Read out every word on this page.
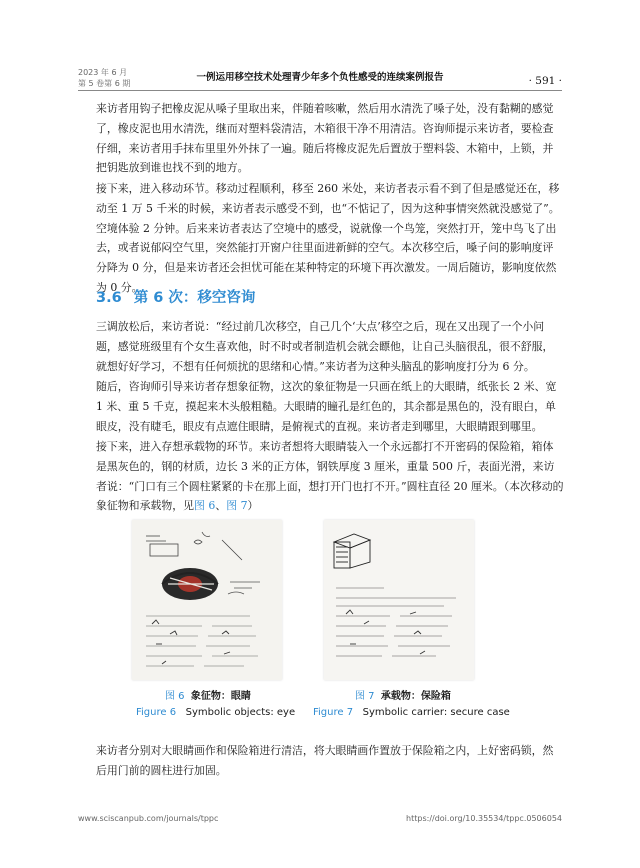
2023 年 6 月
第 5 卷第 6 期
一例运用移空技术处理青少年多个负性感受的连续案例报告	· 591 ·

来访者用钩子把橡皮泥从嗓子里取出来，伴随着咳嗽，然后用水清洗了嗓子处，没有黏糊的感觉了，橡皮泥也用水清洗，继而对塑料袋清洁，木箱很干净不用清洁。咨询师提示来访者，要检查仔细，来访者用手抹布里里外外抹了一遍。随后将橡皮泥先后置放于塑料袋、木箱中，上锁，并把钥匙放到谁也找不到的地方。

接下来，进入移动环节。移动过程顺利，移至 260 米处，来访者表示看不到了但是感觉还在，移动至 1 万 5 千米的时候，来访者表示感受不到，也“不惦记了，因为这种事情突然就没感觉了”。空境体验 2 分钟。后来来访者表达了空境中的感受，说就像一个鸟笼，突然打开，笼中鸟飞了出去，或者说郁闷空气里，突然能打开窗户往里面进新鲜的空气。本次移空后，嗓子问的影响度评分降为 0 分，但是来访者还会担忧可能在某种特定的环境下再次激发。一周后随访，影响度依然为 0 分。

3.6 第 6 次：移空咨询

三调放松后，来访者说：“经过前几次移空，自己几个‘大点’移空之后，现在又出现了一个小问题，感觉班级里有个女生喜欢他，时不时或者制造机会就会瞟他，让自己头脑很乱，很不舒服，就想好好学习，不想有任何烦扰的思绪和心情。”来访者为这种头脑乱的影响度打分为 6 分。

随后，咨询师引导来访者存想象征物，这次的象征物是一只画在纸上的大眼睛，纸张长 2 米、宽 1 米、重 5 千克，摸起来木头般粗糙。大眼睛的瞳孔是红色的，其余都是黑色的，没有眼白，单眼皮，没有睫毛，眼皮有点遮住眼睛，是俯视式的直视。来访者走到哪里，大眼睛跟到哪里。

接下来，进入存想承载物的环节。来访者想将大眼睛装入一个永远都打不开密码的保险箱，箱体是黑灰色的，钢的材质，边长 3 米的正方体，钢铁厚度 3 厘米，重量 500 斤，表面光滑，来访者说：“门口有三个圆柱紧紧的卡在那上面，想打开门也打不开。”圆柱直径 20 厘米。（本次移动的象征物和承载物，见图 6、图 7）

图 6 象征物：眼睛
Figure 6 Symbolic objects: eye
图 7 承载物：保险箱
Figure 7 Symbolic carrier: secure case

来访者分别对大眼睛画作和保险箱进行清洁，将大眼睛画作置放于保险箱之内，上好密码锁，然后用门前的圆柱进行加固。

www.sciscanpub.com/journals/tppc	https://doi.org/10.35534/tppc.0506054
